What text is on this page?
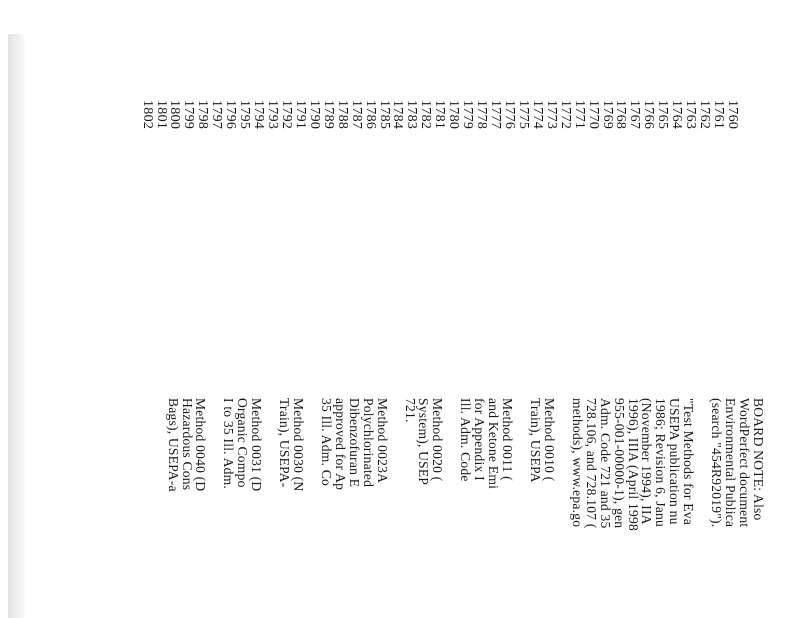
1760
1761
1762
1763
1764
1765
1766
1767
1768
1769
1770
1771
1772
1773
1774
1775
1776
1777
1778
1779
1780
1781
1782
1783
1784
1785
1786
1787
1788
1789
1790
1791
1792
1793
1794
1795
1796
1797
1798
1799
1800
1801
1802
BOARD NOTE: Also
WordPerfect document
Environmental Publica
(search "454R92019").
"Test Methods for Eva
USEPA publication nu
1986; Revision 6, Janu
(November 1994), IIA
1996), IIIA (April 1998
955-001-00000-1), gen
Adm. Code 721 and 35
728.106, and 728.107 (
methods), www.epa.go
Method 0010 (
Train), USEPA
Method 0011 (
and Ketone Emi
for Appendix I
Ill. Adm. Code
Method 0020 (
System), USEP
721.
Method 0023A
Polychlorinated
Dibenzofuran E
approved for Ap
35 Ill. Adm. Co
Method 0030 (N
Train), USEPA-
Method 0031 (D
Organic Compo
I to 35 Ill. Adm.
Method 0040 (D
Hazardous Cons
Bags), USEPA-a
